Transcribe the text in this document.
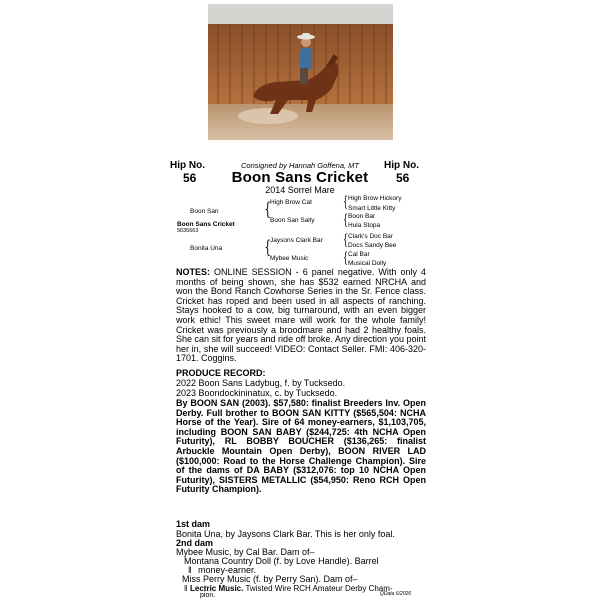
Hip No.
56
Hip No.
56
Consigned by Hannah Goffena, MT
Boon Sans Cricket
2014 Sorrel Mare
Boon San
Boon Sans Cricket
5635663
Bonita Una
{
High Brow Cat
Boon San Sally
{
Jaysons Clark Bar
Mybee Music
{ High Brow Hickory
Smart Little Kitty
{ Boon Bar
Hula Stopa
{ Clark's Doc Bar
Docs Sandy Bee
{ Cal Bar
Musical Dolly
NOTES: ONLINE SESSION - 6 panel negative. With only 4 months of being shown, she has $532 earned NRCHA and won the Bond Ranch Cowhorse Series in the Sr. Fence class. Cricket has roped and been used in all aspects of ranching. Stays hooked to a cow, big turnaround, with an even bigger work ethic! This sweet mare will work for the whole family! Cricket was previously a broodmare and had 2 healthy foals. She can sit for years and ride off broke. Any direction you point her in, she will succeed! VIDEO: Contact Seller. FMI: 406-320-1701. Coggins.
PRODUCE RECORD:
2022 Boon Sans Ladybug, f. by Tucksedo.
2023 Boondockininatux, c. by Tucksedo.
By BOON SAN (2003). $57,580: finalist Breeders Inv. Open Derby. Full brother to BOON SAN KITTY ($565,504: NCHA Horse of the Year). Sire of 64 money-earners, $1,103,705, including BOON SAN BABY ($244,725: 4th NCHA Open Futurity), RL BOBBY BOUCHER ($136,265: finalist Arbuckle Mountain Open Derby), BOON RIVER LAD ($100,000: Road to the Horse Challenge Champion). Sire of the dams of DA BABY ($312,076: top 10 NCHA Open Futurity), SISTERS METALLIC ($54,950: Reno RCH Open Futurity Champion).
1st dam
Bonita Una, by Jaysons Clark Bar. This is her only foal.
2nd dam
Mybee Music, by Cal Bar. Dam of–
Montana Country Doll (f. by Love Handle). Barrel
‖ money-earner.
Miss Perry Music (f. by Perry San). Dam of–
‖ Lectric Music. Twisted Wire RCH Amateur Derby Cham-
pion.	QData 6/2026
